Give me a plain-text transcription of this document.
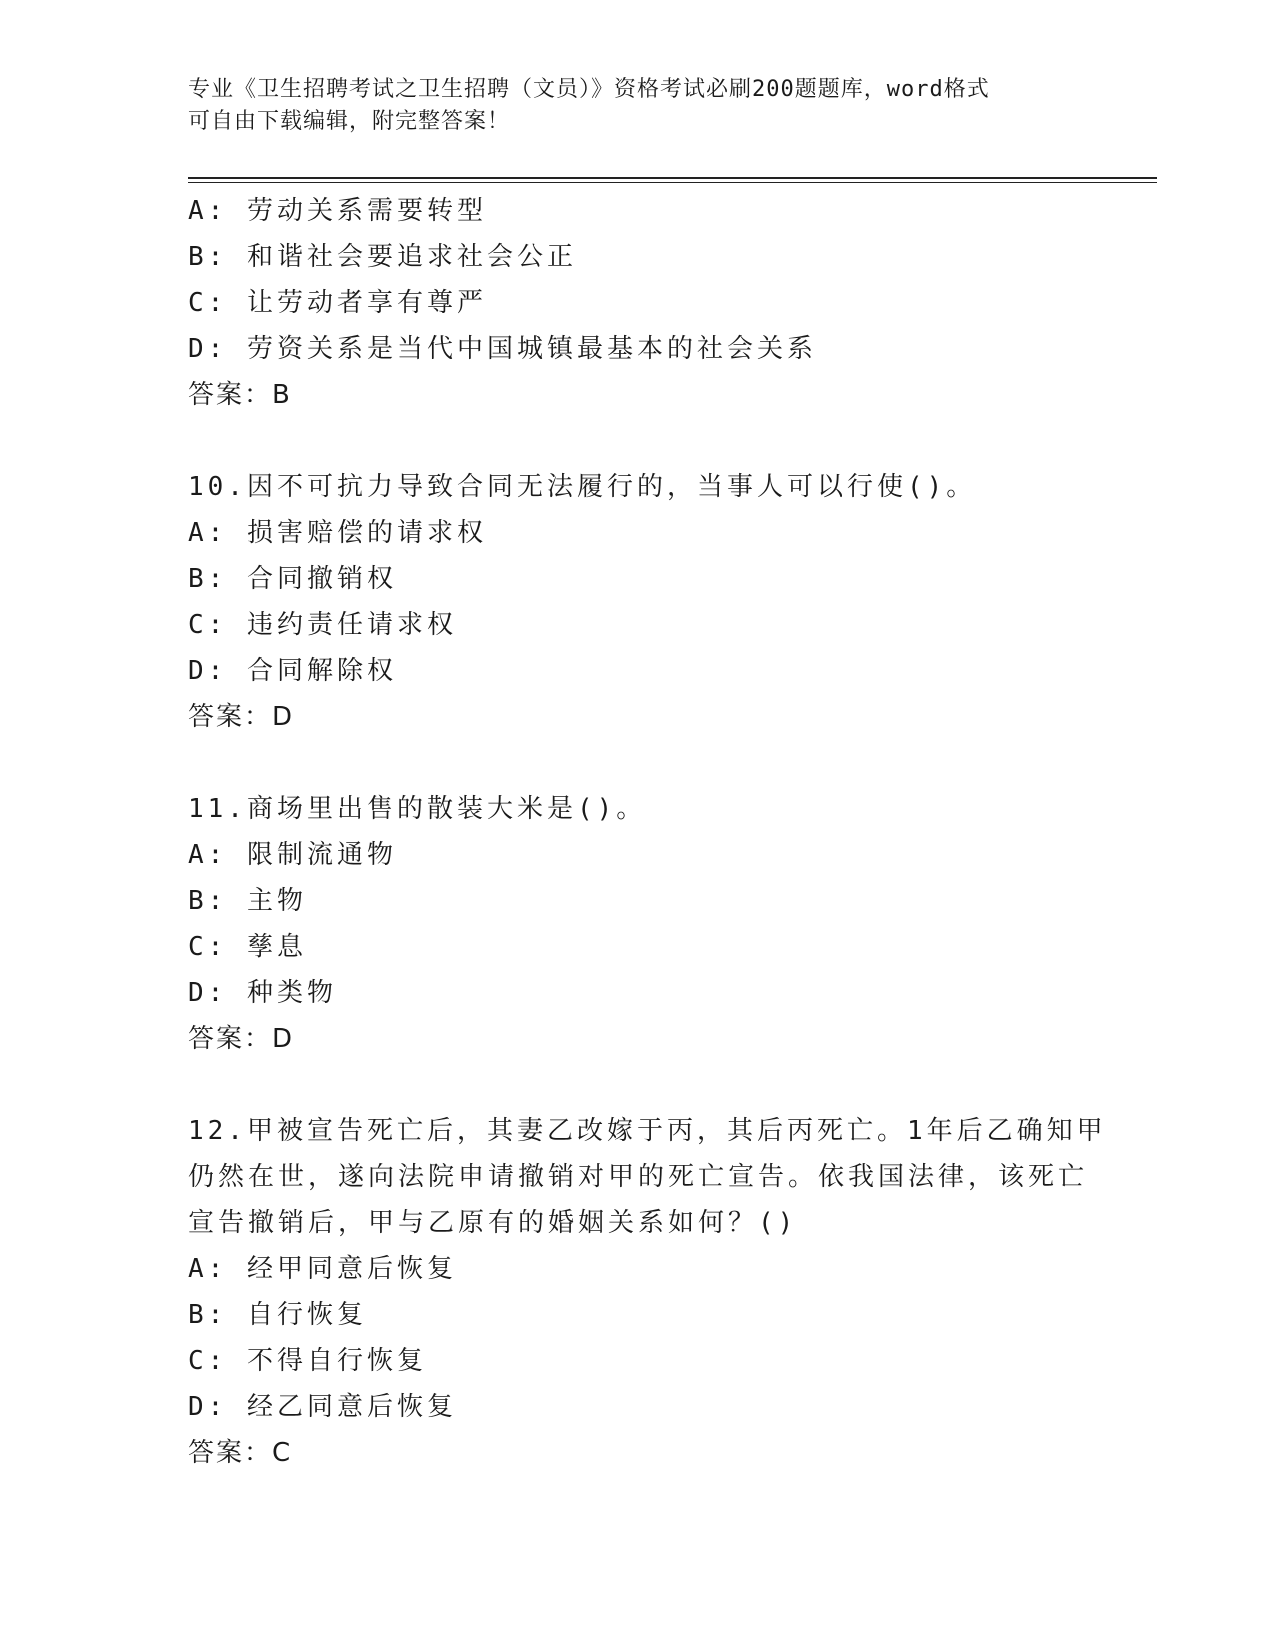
专业《卫生招聘考试之卫生招聘（文员）》资格考试必刷200题题库，word格式
可自由下载编辑，附完整答案！
A: 劳动关系需要转型
B: 和谐社会要追求社会公正
C: 让劳动者享有尊严
D: 劳资关系是当代中国城镇最基本的社会关系
答案：B
10.因不可抗力导致合同无法履行的，当事人可以行使()。
A: 损害赔偿的请求权
B: 合同撤销权
C: 违约责任请求权
D: 合同解除权
答案：D
11.商场里出售的散装大米是()。
A: 限制流通物
B: 主物
C: 孳息
D: 种类物
答案：D
12.甲被宣告死亡后，其妻乙改嫁于丙，其后丙死亡。1年后乙确知甲
仍然在世，遂向法院申请撤销对甲的死亡宣告。依我国法律，该死亡
宣告撤销后，甲与乙原有的婚姻关系如何？()
A: 经甲同意后恢复
B: 自行恢复
C: 不得自行恢复
D: 经乙同意后恢复
答案：C
